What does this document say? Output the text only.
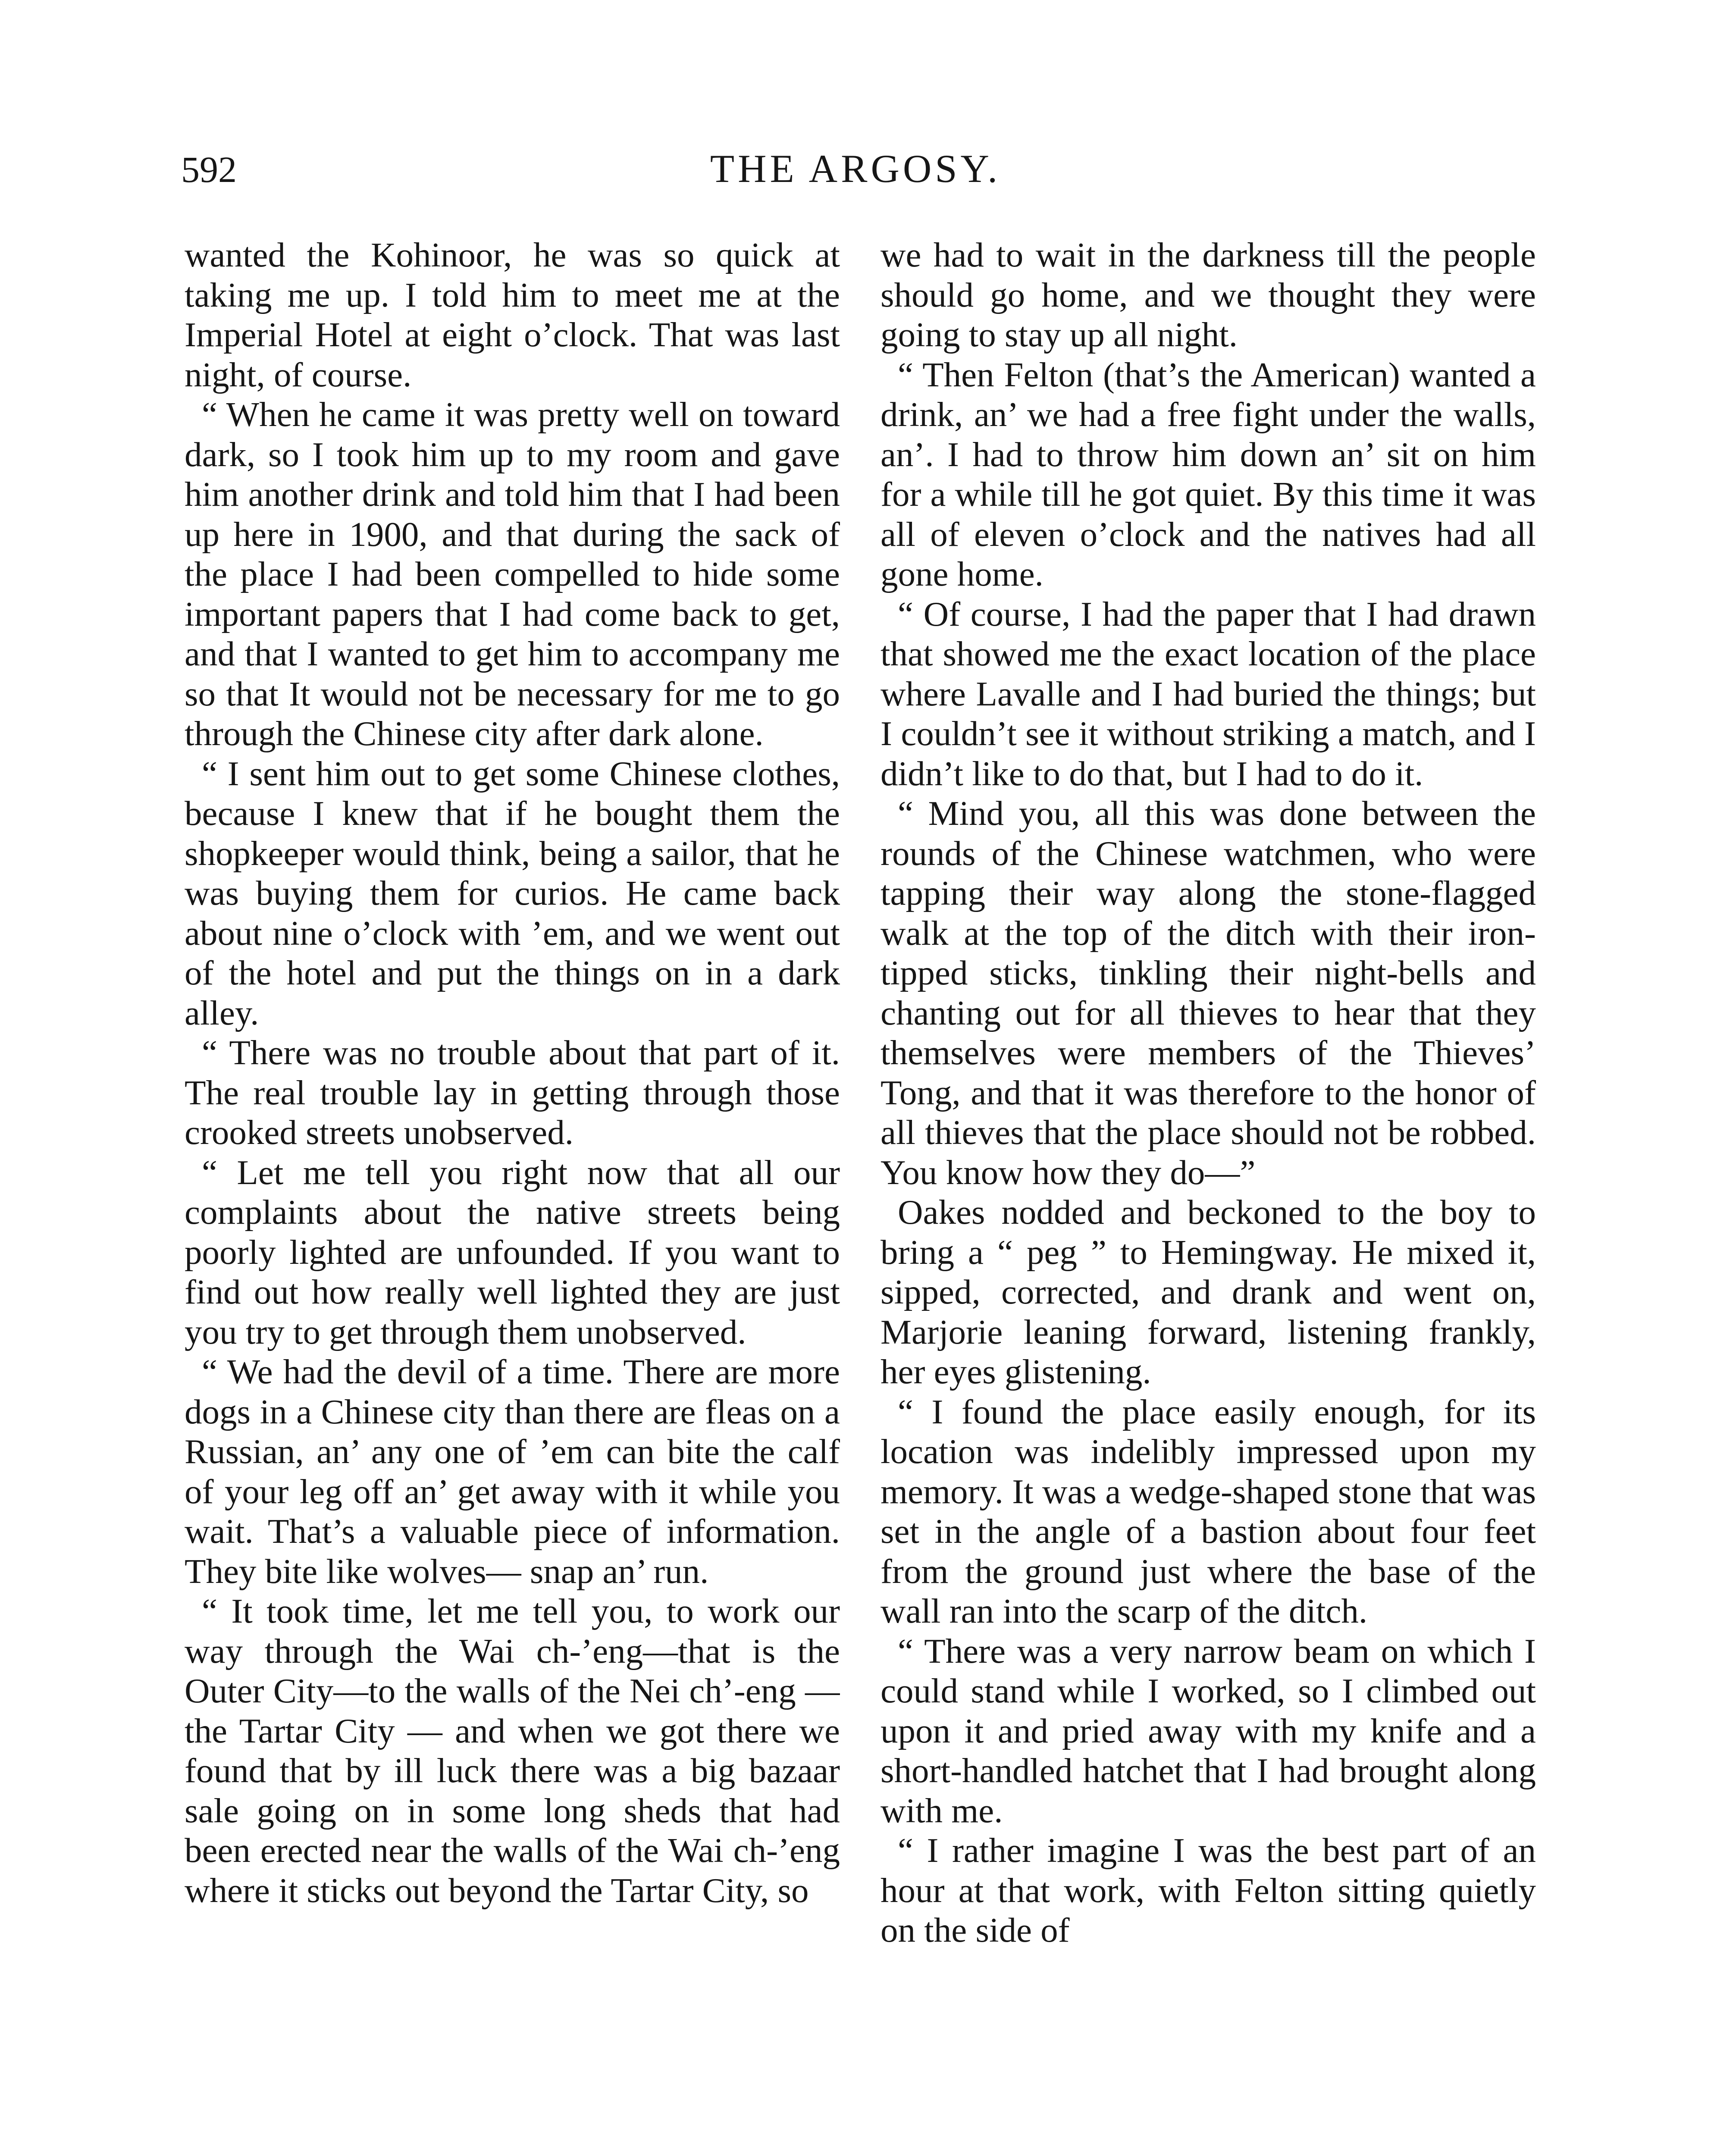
592	THE ARGOSY.

wanted the Kohinoor, he was so quick at taking me up. I told him to meet me at the Imperial Hotel at eight o’clock. That was last night, of course.

“ When he came it was pretty well on toward dark, so I took him up to my room and gave him another drink and told him that I had been up here in 1900, and that during the sack of the place I had been compelled to hide some important papers that I had come back to get, and that I wanted to get him to accompany me so that It would not be necessary for me to go through the Chinese city after dark alone.

“ I sent him out to get some Chinese clothes, because I knew that if he bought them the shopkeeper would think, being a sailor, that he was buying them for curios. He came back about nine o’clock with ’em, and we went out of the hotel and put the things on in a dark alley.

“ There was no trouble about that part of it. The real trouble lay in getting through those crooked streets unobserved.

“ Let me tell you right now that all our complaints about the native streets being poorly lighted are unfounded. If you want to find out how really well lighted they are just you try to get through them unobserved.

“ We had the devil of a time. There are more dogs in a Chinese city than there are fleas on a Russian, an’ any one of ’em can bite the calf of your leg off an’ get away with it while you wait. That’s a valuable piece of information. They bite like wolves— snap an’ run.

“ It took time, let me tell you, to work our way through the Wai ch-’eng—that is the Outer City—to the walls of the Nei ch’-eng — the Tartar City — and when we got there we found that by ill luck there was a big bazaar sale going on in some long sheds that had been erected near the walls of the Wai ch-’eng where it sticks out beyond the Tartar City, so

we had to wait in the darkness till the people should go home, and we thought they were going to stay up all night.

“ Then Felton (that’s the American) wanted a drink, an’ we had a free fight under the walls, an’. I had to throw him down an’ sit on him for a while till he got quiet. By this time it was all of eleven o’clock and the natives had all gone home.

“ Of course, I had the paper that I had drawn that showed me the exact location of the place where Lavalle and I had buried the things; but I couldn’t see it without striking a match, and I didn’t like to do that, but I had to do it.

“ Mind you, all this was done between the rounds of the Chinese watchmen, who were tapping their way along the stone-flagged walk at the top of the ditch with their iron-tipped sticks, tinkling their night-bells and chanting out for all thieves to hear that they themselves were members of the Thieves’ Tong, and that it was therefore to the honor of all thieves that the place should not be robbed. You know how they do—”

Oakes nodded and beckoned to the boy to bring a “ peg ” to Hemingway. He mixed it, sipped, corrected, and drank and went on, Marjorie leaning forward, listening frankly, her eyes glistening.

“ I found the place easily enough, for its location was indelibly impressed upon my memory. It was a wedge-shaped stone that was set in the angle of a bastion about four feet from the ground just where the base of the wall ran into the scarp of the ditch.

“ There was a very narrow beam on which I could stand while I worked, so I climbed out upon it and pried away with my knife and a short-handled hatchet that I had brought along with me.

“ I rather imagine I was the best part of an hour at that work, with Felton sitting quietly on the side of
